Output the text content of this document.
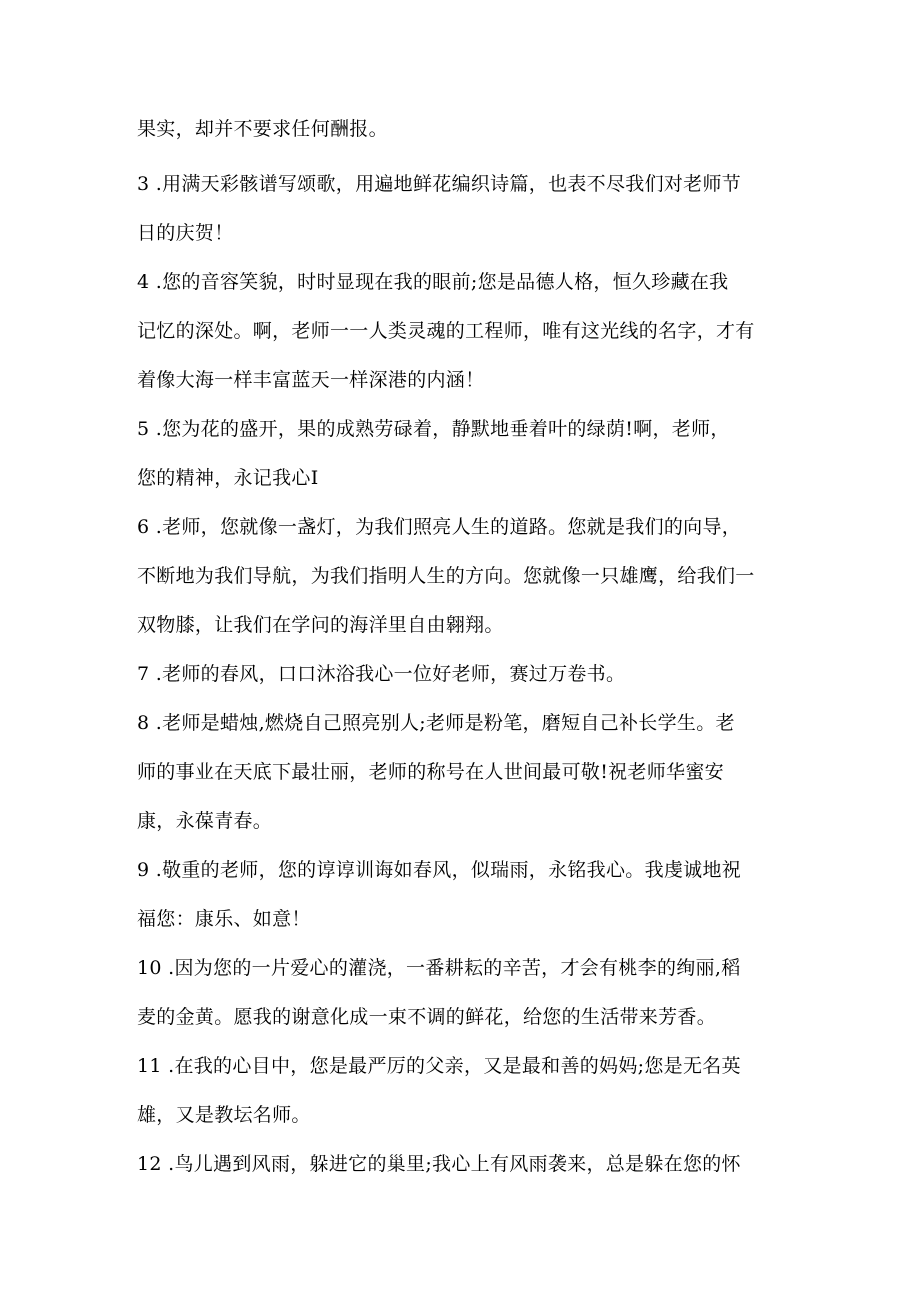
果实，却并不要求任何酬报。
3 .用满天彩骸谱写颂歌，用遍地鲜花编织诗篇，也表不尽我们对老师节
日的庆贺！
4 .您的音容笑貌，时时显现在我的眼前;您是品德人格，恒久珍藏在我
记忆的深处。啊，老师一一人类灵魂的工程师，唯有这光线的名字，才有
着像大海一样丰富蓝天一样深港的内涵！
5 .您为花的盛开，果的成熟劳碌着，静默地垂着叶的绿荫!啊，老师，
您的精神，永记我心I
6 .老师，您就像一盏灯，为我们照亮人生的道路。您就是我们的向导，
不断地为我们导航，为我们指明人生的方向。您就像一只雄鹰，给我们一
双物膝，让我们在学问的海洋里自由翱翔。
7 .老师的春风，口口沐浴我心一位好老师，赛过万卷书。
8 .老师是蜡烛,燃烧自己照亮别人;老师是粉笔，磨短自己补长学生。老
师的事业在天底下最壮丽，老师的称号在人世间最可敬!祝老师华蜜安
康，永葆青春。
9 .敬重的老师，您的谆谆训诲如春风，似瑞雨，永铭我心。我虔诚地祝
福您：康乐、如意！
10 .因为您的一片爱心的灌浇，一番耕耘的辛苦，才会有桃李的绚丽,稻
麦的金黄。愿我的谢意化成一束不调的鲜花，给您的生活带来芳香。
11 .在我的心目中，您是最严厉的父亲，又是最和善的妈妈;您是无名英
雄，又是教坛名师。
12 .鸟儿遇到风雨，躲进它的巢里;我心上有风雨袭来，总是躲在您的怀
